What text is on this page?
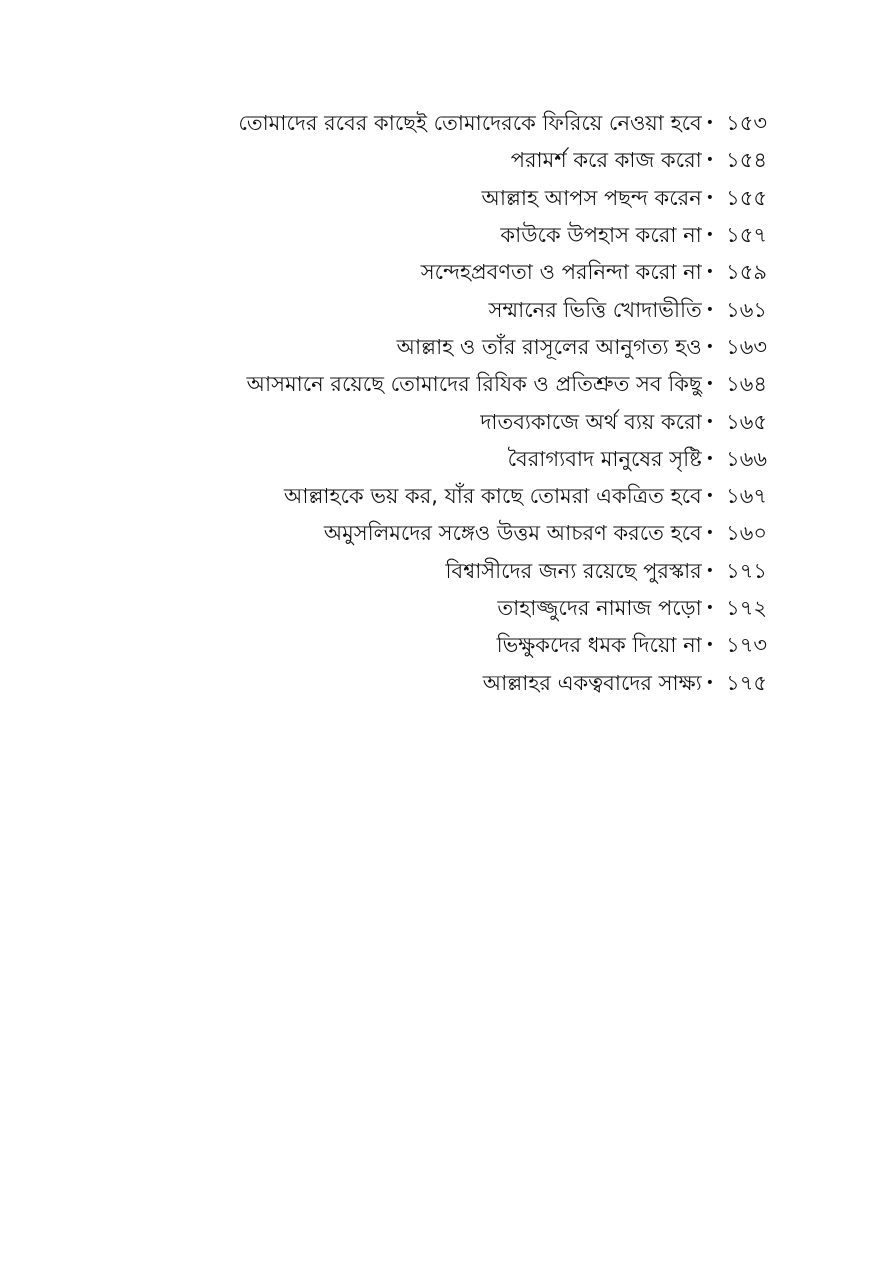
তোমাদের রবের কাছেই তোমাদেরকে ফিরিয়ে নেওয়া হবে • ১৫৩
পরামর্শ করে কাজ করো • ১৫৪
আল্লাহ আপস পছন্দ করেন • ১৫৫
কাউকে উপহাস করো না • ১৫৭
সন্দেহপ্রবণতা ও পরনিন্দা করো না • ১৫৯
সম্মানের ভিত্তি খোদাভীতি • ১৬১
আল্লাহ ও তাঁর রাসূলের আনুগত্য হও • ১৬৩
আসমানে রয়েছে তোমাদের রিযিক ও প্রতিশ্রুত সব কিছু • ১৬৪
দাতব্যকাজে অর্থ ব্যয় করো • ১৬৫
বৈরাগ্যবাদ মানুষের সৃষ্টি • ১৬৬
আল্লাহকে ভয় কর, যাঁর কাছে তোমরা একত্রিত হবে • ১৬৭
অমুসলিমদের সঙ্গেও উত্তম আচরণ করতে হবে • ১৬০
বিশ্বাসীদের জন্য রয়েছে পুরস্কার • ১৭১
তাহাজ্জুদের নামাজ পড়ো • ১৭২
ভিক্ষুকদের ধমক দিয়ো না • ১৭৩
আল্লাহর একত্ববাদের সাক্ষ্য • ১৭৫
